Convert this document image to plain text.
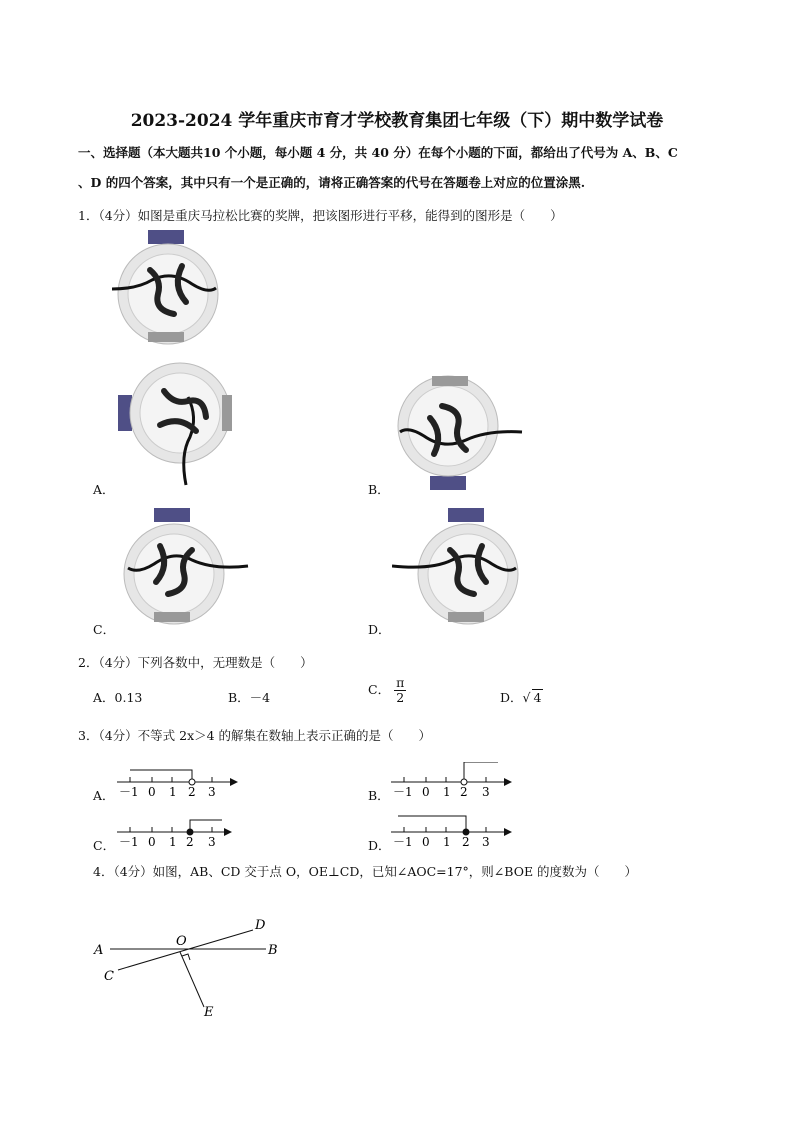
2023-2024 学年重庆市育才学校教育集团七年级（下）期中数学试卷
一、选择题（本大题共10 个小题，每小题 4 分，共 40 分）在每个小题的下面，都给出了代号为 A、B、C
、D 的四个答案，其中只有一个是正确的，请将正确答案的代号在答题卷上对应的位置涂黑.
1．（4分）如图是重庆马拉松比赛的奖牌，把该图形进行平移，能得到的图形是（　　）
A．	B．
C．	D．
2．（4分）下列各数中，无理数是（　　）
A．0.13	B．－4
C． $\frac{\pi}{2}$	D．√ 4
3．（4分）不等式 2x＞4 的解集在数轴上表示正确的是（　　）
A． －1 0 1 2 3	B． －1 0 1 2 3
C． －1 0 1 2 3	D． －1 0 1 2 3
4．（4分）如图，AB、CD 交于点 O，OE⊥CD，已知∠AOC=17°，则∠BOE 的度数为（　　）
A	B
C
D
O
E
